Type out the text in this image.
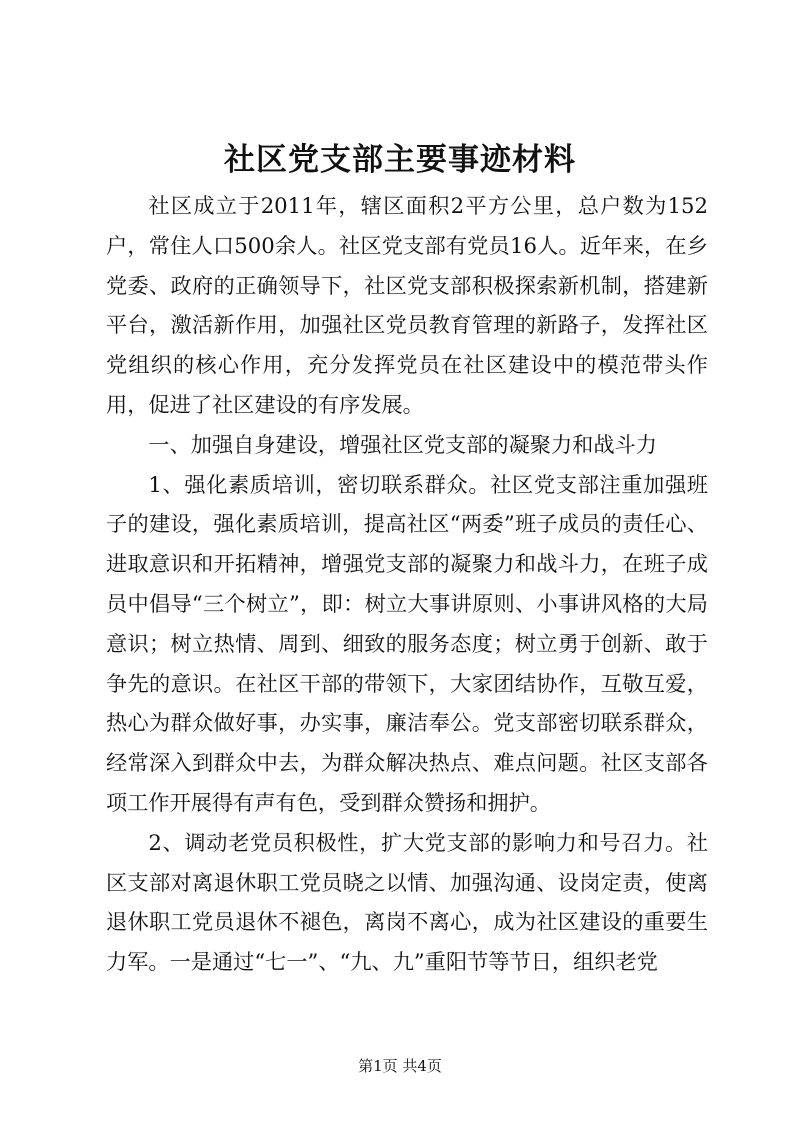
社区党支部主要事迹材料

社区成立于2011年，辖区面积2平方公里，总户数为152户，常住人口500余人。社区党支部有党员16人。近年来，在乡党委、政府的正确领导下，社区党支部积极探索新机制，搭建新平台，激活新作用，加强社区党员教育管理的新路子，发挥社区党组织的核心作用，充分发挥党员在社区建设中的模范带头作用，促进了社区建设的有序发展。

一、加强自身建设，增强社区党支部的凝聚力和战斗力

1、强化素质培训，密切联系群众。社区党支部注重加强班子的建设，强化素质培训，提高社区“两委”班子成员的责任心、进取意识和开拓精神，增强党支部的凝聚力和战斗力，在班子成员中倡导“三个树立”，即：树立大事讲原则、小事讲风格的大局意识；树立热情、周到、细致的服务态度；树立勇于创新、敢于争先的意识。在社区干部的带领下，大家团结协作，互敬互爱，热心为群众做好事，办实事，廉洁奉公。党支部密切联系群众，经常深入到群众中去，为群众解决热点、难点问题。社区支部各项工作开展得有声有色，受到群众赞扬和拥护。

2、调动老党员积极性，扩大党支部的影响力和号召力。社区支部对离退休职工党员晓之以情、加强沟通、设岗定责，使离退休职工党员退休不褪色，离岗不离心，成为社区建设的重要生力军。一是通过“七一”、“九、九”重阳节等节日，组织老党

第1页 共4页
